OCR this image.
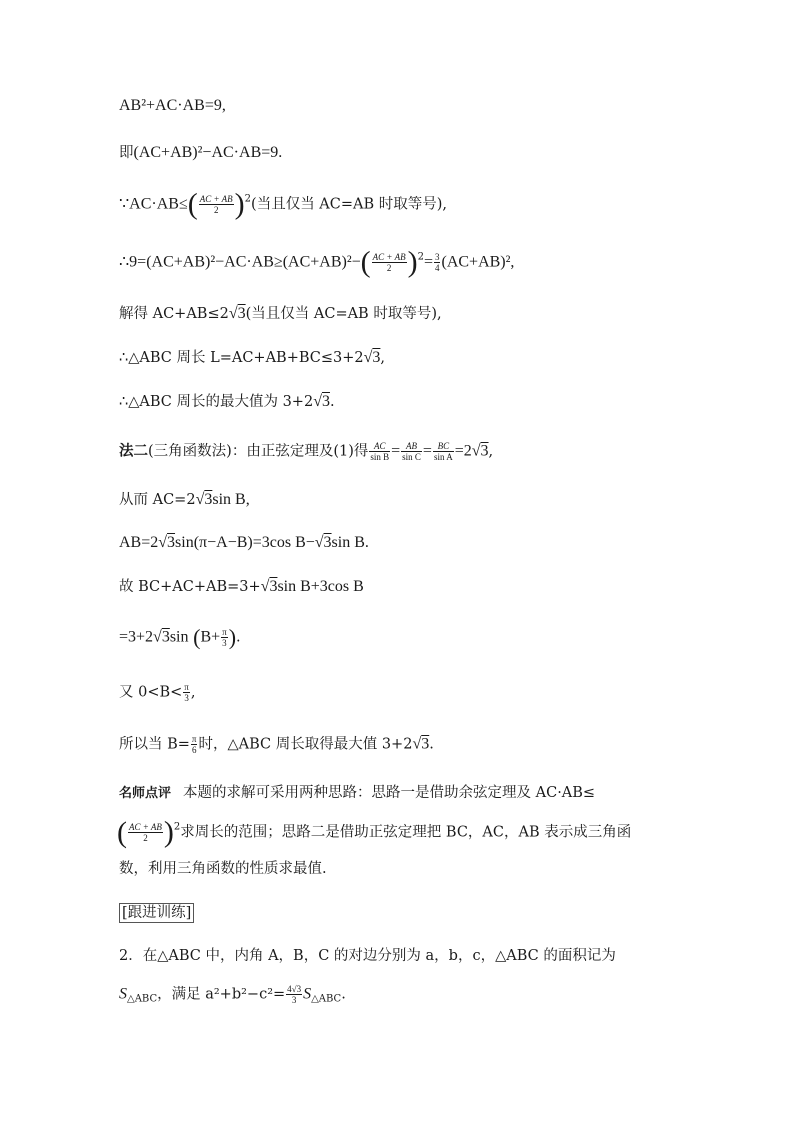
AB²+AC·AB=9,
即(AC+AB)²−AC·AB=9.
∵AC·AB≤( $\frac{AC + AB}{2} )^2$(当且仅当 AC=AB 时取等号),
∴9=(AC+AB)²−AC·AB≥(AC+AB)²−( $\frac{AC + AB}{2} )^2= \frac{3}{4} (AC+AB)^2$,
解得 AC+AB≤2√3(当且仅当 AC=AB 时取等号),
∴△ABC 周长 L=AC+AB+BC≤3+2√3,
∴△ABC 周长的最大值为 3+2√3.
法二(三角函数法)：由正弦定理及(1)得 $\frac{AC}{\text{sin B}} = \frac{AB}{\text{sin C}} = \frac{BC}{\text{sin A}} =2√3$,
从而 AC=2√3sin B,
AB=2√3sin(π−A−B)=3cos B−√3sin B.
故 BC+AC+AB=3+√3sin B+3cos B
=3+2√3sin ($B+ \frac{\pi}{3}$ ).
又 $0<B< \frac{\pi}{3}$ ,
所以当 $B= \frac{\pi}{6}$ 时，△ABC 周长取得最大值 3+2√3.
名师点评 本题的求解可采用两种思路：思路一是借助余弦定理及 AC·AB≤
( $\frac{AC + AB}{2} )^2$求周长的范围；思路二是借助正弦定理把 BC，AC，AB 表示成三角函
数，利用三角函数的性质求最值.
[跟进训练]
2．在△ABC 中，内角 A，B，C 的对边分别为 a，b，c，△ABC 的面积记为
$S_{\triangle ABC}$，满足 $a^2+b^2-c^2= \frac{4√3}{3} S_{\triangle ABC}$.
